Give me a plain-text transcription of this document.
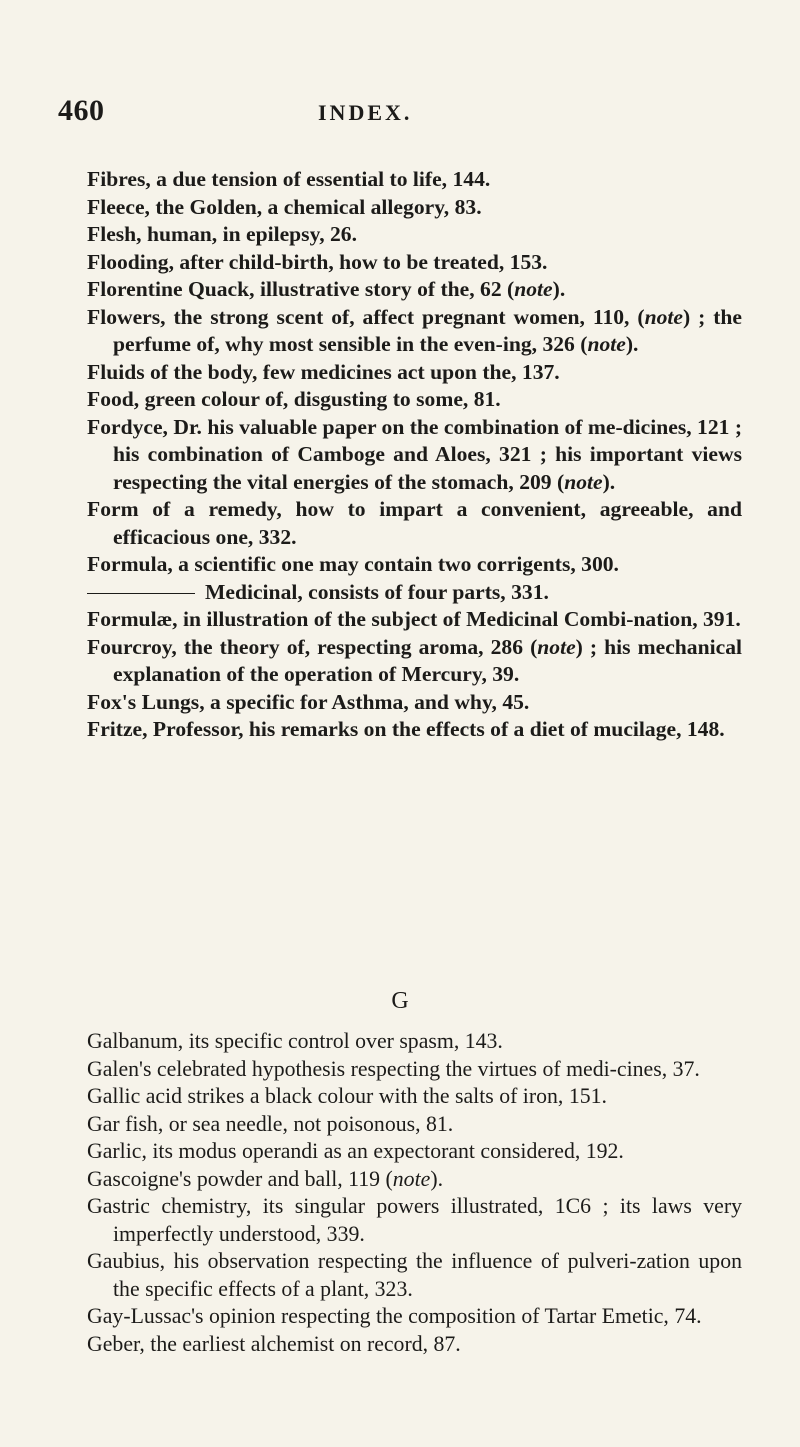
460	INDEX.
Fibres, a due tension of essential to life, 144.
Fleece, the Golden, a chemical allegory, 83.
Flesh, human, in epilepsy, 26.
Flooding, after child-birth, how to be treated, 153.
Florentine Quack, illustrative story of the, 62 (note).
Flowers, the strong scent of, affect pregnant women, 110, (note) ; the perfume of, why most sensible in the even-ing, 326 (note).
Fluids of the body, few medicines act upon the, 137.
Food, green colour of, disgusting to some, 81.
Fordyce, Dr. his valuable paper on the combination of me-dicines, 121 ; his combination of Camboge and Aloes, 321 ; his important views respecting the vital energies of the stomach, 209 (note).
Form of a remedy, how to impart a convenient, agreeable, and efficacious one, 332.
Formula, a scientific one may contain two corrigents, 300.
Medicinal, consists of four parts, 331.
Formulæ, in illustration of the subject of Medicinal Combi-nation, 391.
Fourcroy, the theory of, respecting aroma, 286 (note) ; his mechanical explanation of the operation of Mercury, 39.
Fox's Lungs, a specific for Asthma, and why, 45.
Fritze, Professor, his remarks on the effects of a diet of mucilage, 148.
G
Galbanum, its specific control over spasm, 143.
Galen's celebrated hypothesis respecting the virtues of medi-cines, 37.
Gallic acid strikes a black colour with the salts of iron, 151.
Gar fish, or sea needle, not poisonous, 81.
Garlic, its modus operandi as an expectorant considered, 192.
Gascoigne's powder and ball, 119 (note).
Gastric chemistry, its singular powers illustrated, 1C6 ; its laws very imperfectly understood, 339.
Gaubius, his observation respecting the influence of pulveri-zation upon the specific effects of a plant, 323.
Gay-Lussac's opinion respecting the composition of Tartar Emetic, 74.
Geber, the earliest alchemist on record, 87.
